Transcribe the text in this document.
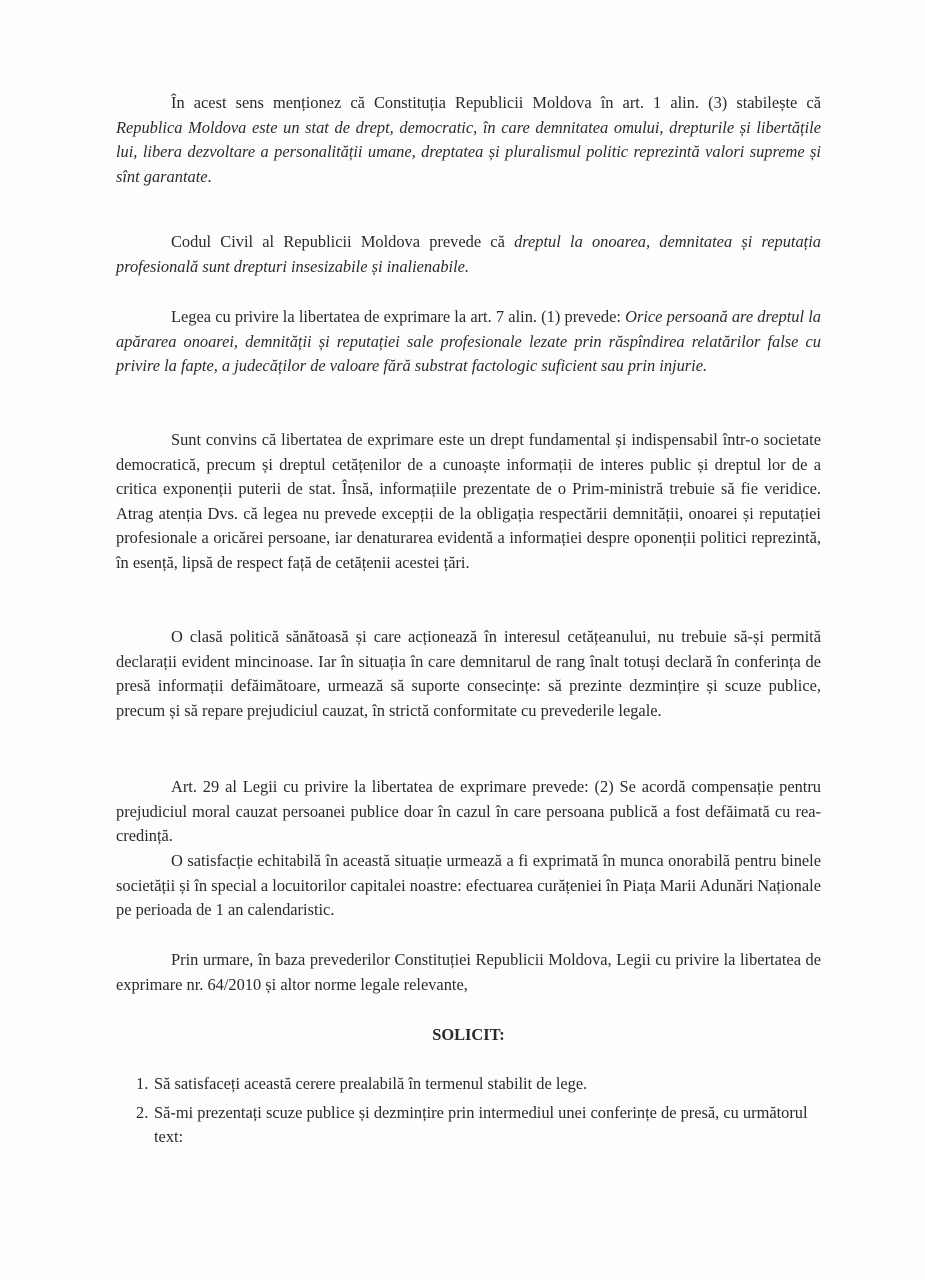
În acest sens menționez că Constituția Republicii Moldova în art. 1 alin. (3) stabilește că Republica Moldova este un stat de drept, democratic, în care demnitatea omului, drepturile și libertățile lui, libera dezvoltare a personalității umane, dreptatea și pluralismul politic reprezintă valori supreme și sînt garantate.

Codul Civil al Republicii Moldova prevede că dreptul la onoarea, demnitatea și reputația profesională sunt drepturi insesizabile și inalienabile.

Legea cu privire la libertatea de exprimare la art. 7 alin. (1) prevede: Orice persoană are dreptul la apărarea onoarei, demnității și reputației sale profesionale lezate prin răspîndirea relatărilor false cu privire la fapte, a judecăților de valoare fără substrat factologic suficient sau prin injurie.

Sunt convins că libertatea de exprimare este un drept fundamental și indispensabil într-o societate democratică, precum și dreptul cetățenilor de a cunoaște informații de interes public și dreptul lor de a critica exponenții puterii de stat. Însă, informațiile prezentate de o Prim-ministră trebuie să fie veridice. Atrag atenția Dvs. că legea nu prevede excepții de la obligația respectării demnității, onoarei și reputației profesionale a oricărei persoane, iar denaturarea evidentă a informației despre oponenții politici reprezintă, în esență, lipsă de respect față de cetățenii acestei țări.

O clasă politică sănătoasă și care acționează în interesul cetățeanului, nu trebuie să-și permită declarații evident mincinoase. Iar în situația în care demnitarul de rang înalt totuși declară în conferința de presă informații defăimătoare, urmează să suporte consecințe: să prezinte dezmințire și scuze publice, precum și să repare prejudiciul cauzat, în strictă conformitate cu prevederile legale.

Art. 29 al Legii cu privire la libertatea de exprimare prevede: (2) Se acordă compensație pentru prejudiciul moral cauzat persoanei publice doar în cazul în care persoana publică a fost defăimată cu rea-credință.

O satisfacție echitabilă în această situație urmează a fi exprimată în munca onorabilă pentru binele societății și în special a locuitorilor capitalei noastre: efectuarea curățeniei în Piața Marii Adunări Naționale pe perioada de 1 an calendaristic.

Prin urmare, în baza prevederilor Constituției Republicii Moldova, Legii cu privire la libertatea de exprimare nr. 64/2010 și altor norme legale relevante,

SOLICIT:
1 . Să satisfaceți această cerere prealabilă în termenul stabilit de lege.
2 . Să-mi prezentați scuze publice și dezmințire prin intermediul unei conferințe de presă, cu următorul text:
